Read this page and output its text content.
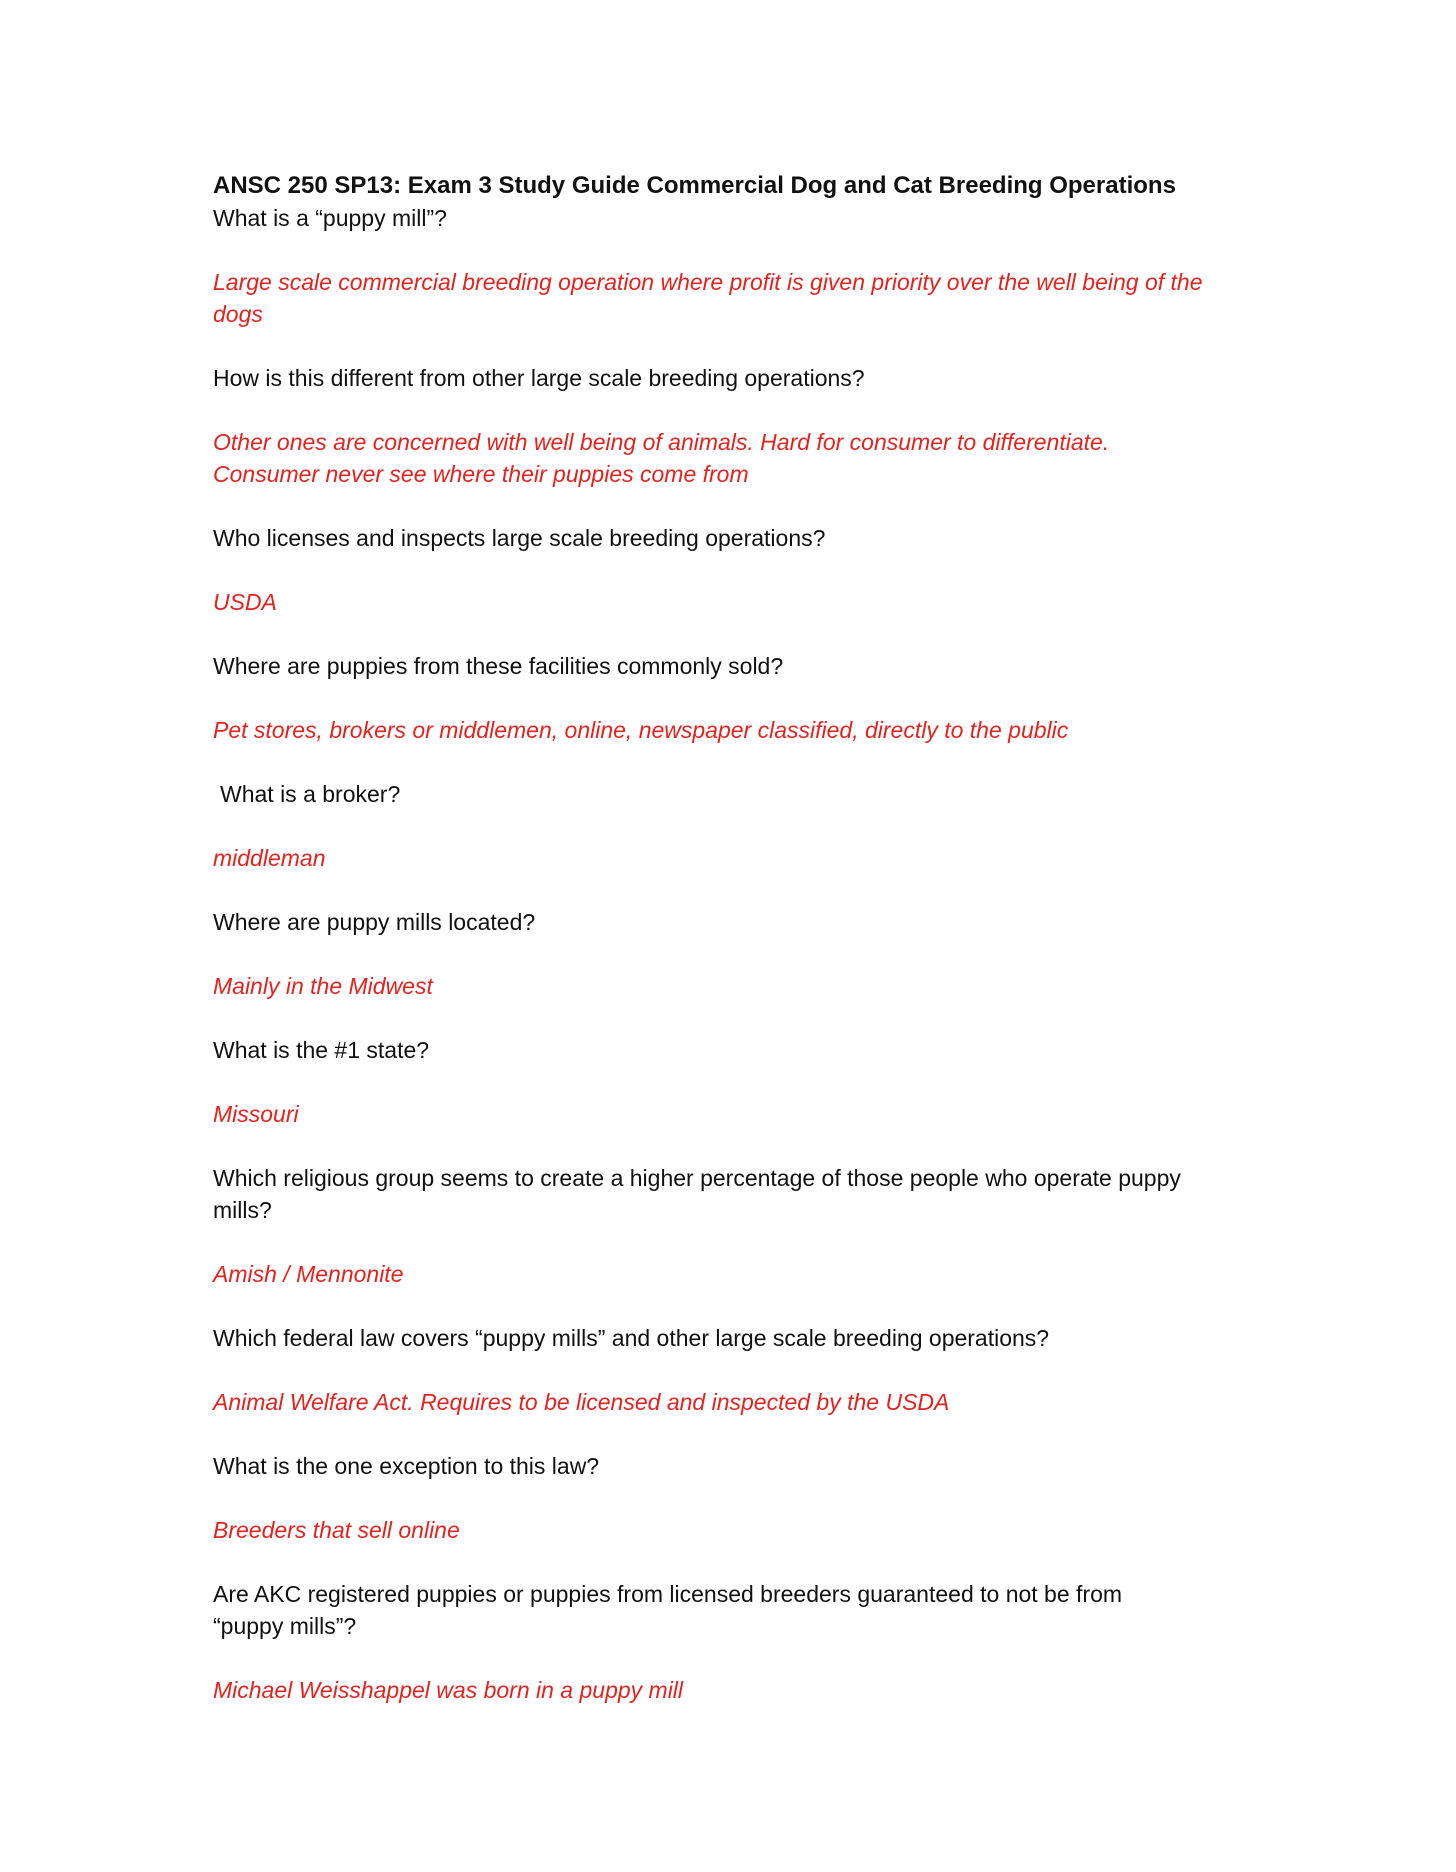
ANSC 250 SP13: Exam 3 Study Guide Commercial Dog and Cat Breeding Operations

What is a “puppy mill”?

Large scale commercial breeding operation where profit is given priority over the well being of the dogs

How is this different from other large scale breeding operations?

Other ones are concerned with well being of animals. Hard for consumer to differentiate. Consumer never see where their puppies come from

Who licenses and inspects large scale breeding operations?

USDA

Where are puppies from these facilities commonly sold?

Pet stores, brokers or middlemen, online, newspaper classified, directly to the public

What is a broker?

middleman

Where are puppy mills located?

Mainly in the Midwest

What is the #1 state?

Missouri

Which religious group seems to create a higher percentage of those people who operate puppy mills?

Amish / Mennonite

Which federal law covers “puppy mills” and other large scale breeding operations?

Animal Welfare Act. Requires to be licensed and inspected by the USDA

What is the one exception to this law?

Breeders that sell online

Are AKC registered puppies or puppies from licensed breeders guaranteed to not be from “puppy mills”?

Michael Weisshappel was born in a puppy mill
